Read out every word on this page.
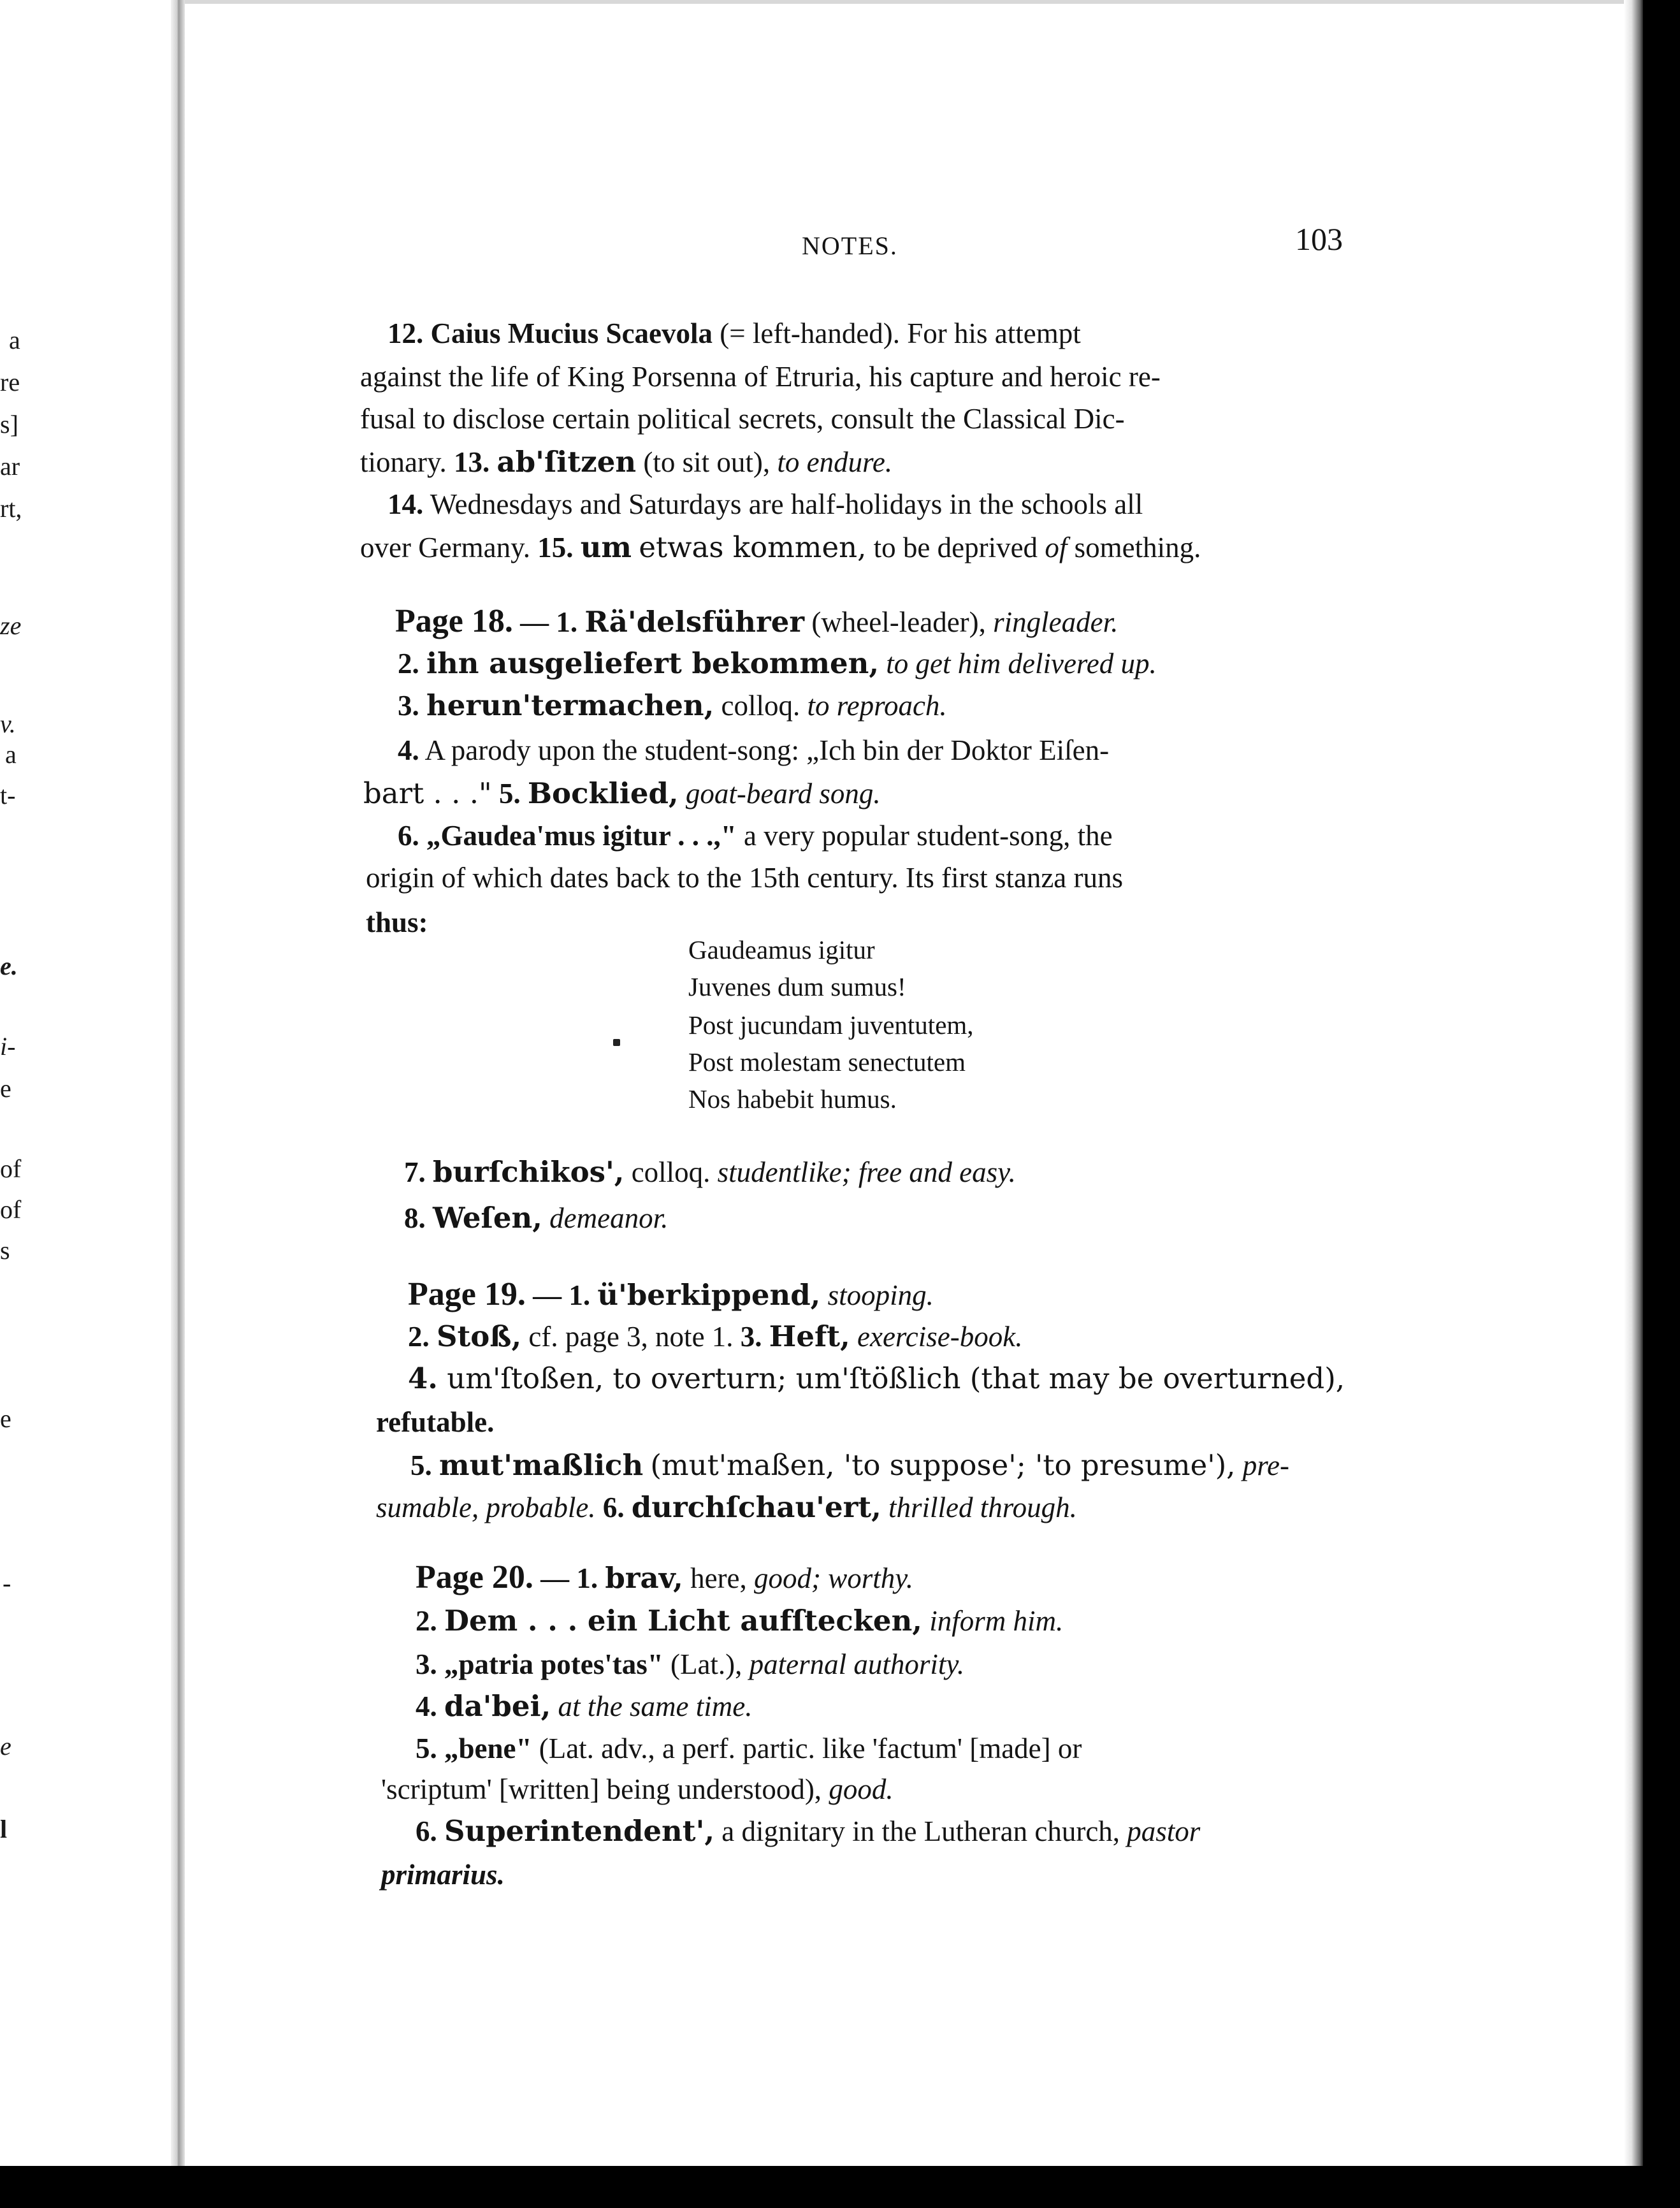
a
re
s]
ar
rt,
ze
v.
a
t-
e.
i-
e
of
of
s
e
-
e
l
NOTES.	103
12. Caius Mucius Scaevola (= left-handed). For his attempt
against the life of King Porsenna of Etruria, his capture and heroic re-
fusal to disclose certain political secrets, consult the Classical Dic-
tionary. 13. ab'ſitzen (to sit out), to endure.
14. Wednesdays and Saturdays are half-holidays in the schools all
over Germany. 15. um etwas kommen, to be deprived of something.
Page 18. — 1. Rä'delsführer (wheel-leader), ringleader.
2. ihn ausgeliefert bekommen, to get him delivered up.
3. herun'termachen, colloq. to reproach.
4. A parody upon the student-song: „Ich bin der Doktor Eiſen-
bart . . ." 5. Bocklied, goat-beard song.
6. „Gaudea'mus igitur . . .," a very popular student-song, the
origin of which dates back to the 15th century. Its first stanza runs
thus:
Gaudeamus igitur
Juvenes dum sumus!
Post jucundam juventutem,
Post molestam senectutem
Nos habebit humus.
7. burſchikos', colloq. studentlike; free and easy.
8. Weſen, demeanor.
Page 19. — 1. ü'berkippend, stooping.
2. Stoß, cf. page 3, note 1. 3. Heft, exercise-book.
4. um'ſtoßen, to overturn; um'ſtößlich (that may be overturned),
refutable.
5. mut'maßlich (mut'maßen, 'to suppose'; 'to presume'), pre-
sumable, probable. 6. durchſchau'ert, thrilled through.
Page 20. — 1. brav, here, good; worthy.
2. Dem . . . ein Licht aufſtecken, inform him.
3. „patria potes'tas" (Lat.), paternal authority.
4. da'bei, at the same time.
5. „bene" (Lat. adv., a perf. partic. like 'factum' [made] or
'scriptum' [written] being understood), good.
6. Superintendent', a dignitary in the Lutheran church, pastor
primarius.
